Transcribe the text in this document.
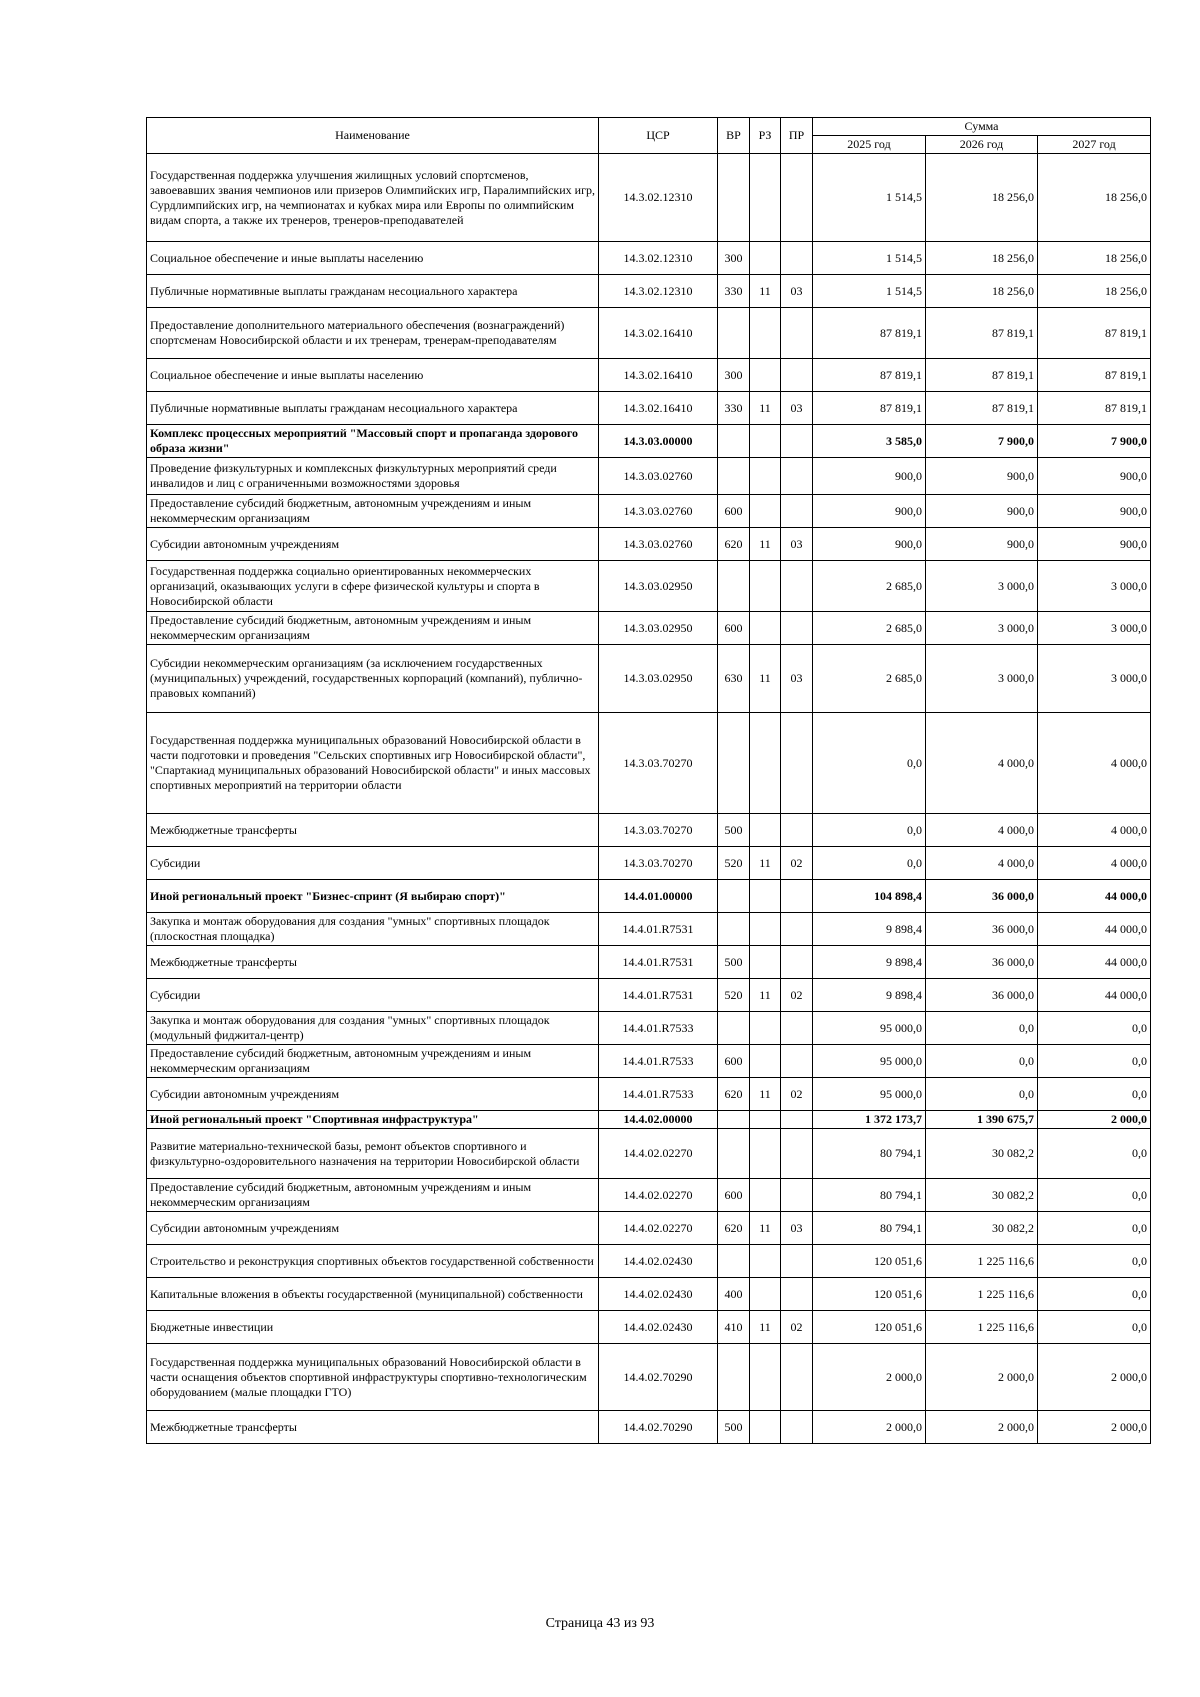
Наименование	ЦСР	ВР	РЗ	ПР	Сумма		
					2025 год	2026 год	2027 год
Государственная поддержка улучшения жилищных условий спортсменов, завоевавших звания чемпионов или призеров Олимпийских игр, Паралимпийских игр, Сурдлимпийских игр, на чемпионатах и кубках мира или Европы по олимпийским видам спорта, а также их тренеров, тренеров-преподавателей	14.3.02.12310				1 514,5	18 256,0	18 256,0
Социальное обеспечение и иные выплаты населению	14.3.02.12310	300			1 514,5	18 256,0	18 256,0
Публичные нормативные выплаты гражданам несоциального характера	14.3.02.12310	330	11	03	1 514,5	18 256,0	18 256,0
Предоставление дополнительного материального обеспечения (вознаграждений) спортсменам Новосибирской области и их тренерам, тренерам-преподавателям	14.3.02.16410				87 819,1	87 819,1	87 819,1
Социальное обеспечение и иные выплаты населению	14.3.02.16410	300			87 819,1	87 819,1	87 819,1
Публичные нормативные выплаты гражданам несоциального характера	14.3.02.16410	330	11	03	87 819,1	87 819,1	87 819,1
Комплекс процессных мероприятий "Массовый спорт и пропаганда здорового образа жизни"	14.3.03.00000				3 585,0	7 900,0	7 900,0
Проведение физкультурных и комплексных физкультурных мероприятий среди инвалидов и лиц с ограниченными возможностями здоровья	14.3.03.02760				900,0	900,0	900,0
Предоставление субсидий бюджетным, автономным учреждениям и иным некоммерческим организациям	14.3.03.02760	600			900,0	900,0	900,0
Субсидии автономным учреждениям	14.3.03.02760	620	11	03	900,0	900,0	900,0
Государственная поддержка социально ориентированных некоммерческих организаций, оказывающих услуги в сфере физической культуры и спорта в Новосибирской области	14.3.03.02950				2 685,0	3 000,0	3 000,0
Предоставление субсидий бюджетным, автономным учреждениям и иным некоммерческим организациям	14.3.03.02950	600			2 685,0	3 000,0	3 000,0
Субсидии некоммерческим организациям (за исключением государственных (муниципальных) учреждений, государственных корпораций (компаний), публично-правовых компаний)	14.3.03.02950	630	11	03	2 685,0	3 000,0	3 000,0
Государственная поддержка муниципальных образований Новосибирской области в части подготовки и проведения "Сельских спортивных игр Новосибирской области", "Спартакиад муниципальных образований Новосибирской области" и иных массовых спортивных мероприятий на территории области	14.3.03.70270				0,0	4 000,0	4 000,0
Межбюджетные трансферты	14.3.03.70270	500			0,0	4 000,0	4 000,0
Субсидии	14.3.03.70270	520	11	02	0,0	4 000,0	4 000,0
Иной региональный проект "Бизнес-спринт (Я выбираю спорт)"	14.4.01.00000				104 898,4	36 000,0	44 000,0
Закупка и монтаж оборудования для создания "умных" спортивных площадок (плоскостная площадка)	14.4.01.R7531				9 898,4	36 000,0	44 000,0
Межбюджетные трансферты	14.4.01.R7531	500			9 898,4	36 000,0	44 000,0
Субсидии	14.4.01.R7531	520	11	02	9 898,4	36 000,0	44 000,0
Закупка и монтаж оборудования для создания "умных" спортивных площадок (модульный фиджитал-центр)	14.4.01.R7533				95 000,0	0,0	0,0
Предоставление субсидий бюджетным, автономным учреждениям и иным некоммерческим организациям	14.4.01.R7533	600			95 000,0	0,0	0,0
Субсидии автономным учреждениям	14.4.01.R7533	620	11	02	95 000,0	0,0	0,0
Иной региональный проект "Спортивная инфраструктура"	14.4.02.00000				1 372 173,7	1 390 675,7	2 000,0
Развитие материально-технической базы, ремонт объектов спортивного и физкультурно-оздоровительного назначения на территории Новосибирской области	14.4.02.02270				80 794,1	30 082,2	0,0
Предоставление субсидий бюджетным, автономным учреждениям и иным некоммерческим организациям	14.4.02.02270	600			80 794,1	30 082,2	0,0
Субсидии автономным учреждениям	14.4.02.02270	620	11	03	80 794,1	30 082,2	0,0
Строительство и реконструкция спортивных объектов государственной собственности	14.4.02.02430				120 051,6	1 225 116,6	0,0
Капитальные вложения в объекты государственной (муниципальной) собственности	14.4.02.02430	400			120 051,6	1 225 116,6	0,0
Бюджетные инвестиции	14.4.02.02430	410	11	02	120 051,6	1 225 116,6	0,0
Государственная поддержка муниципальных образований Новосибирской области в части оснащения объектов спортивной инфраструктуры спортивно-технологическим оборудованием (малые площадки ГТО)	14.4.02.70290				2 000,0	2 000,0	2 000,0
Межбюджетные трансферты	14.4.02.70290	500			2 000,0	2 000,0	2 000,0
Страница 43 из 93
